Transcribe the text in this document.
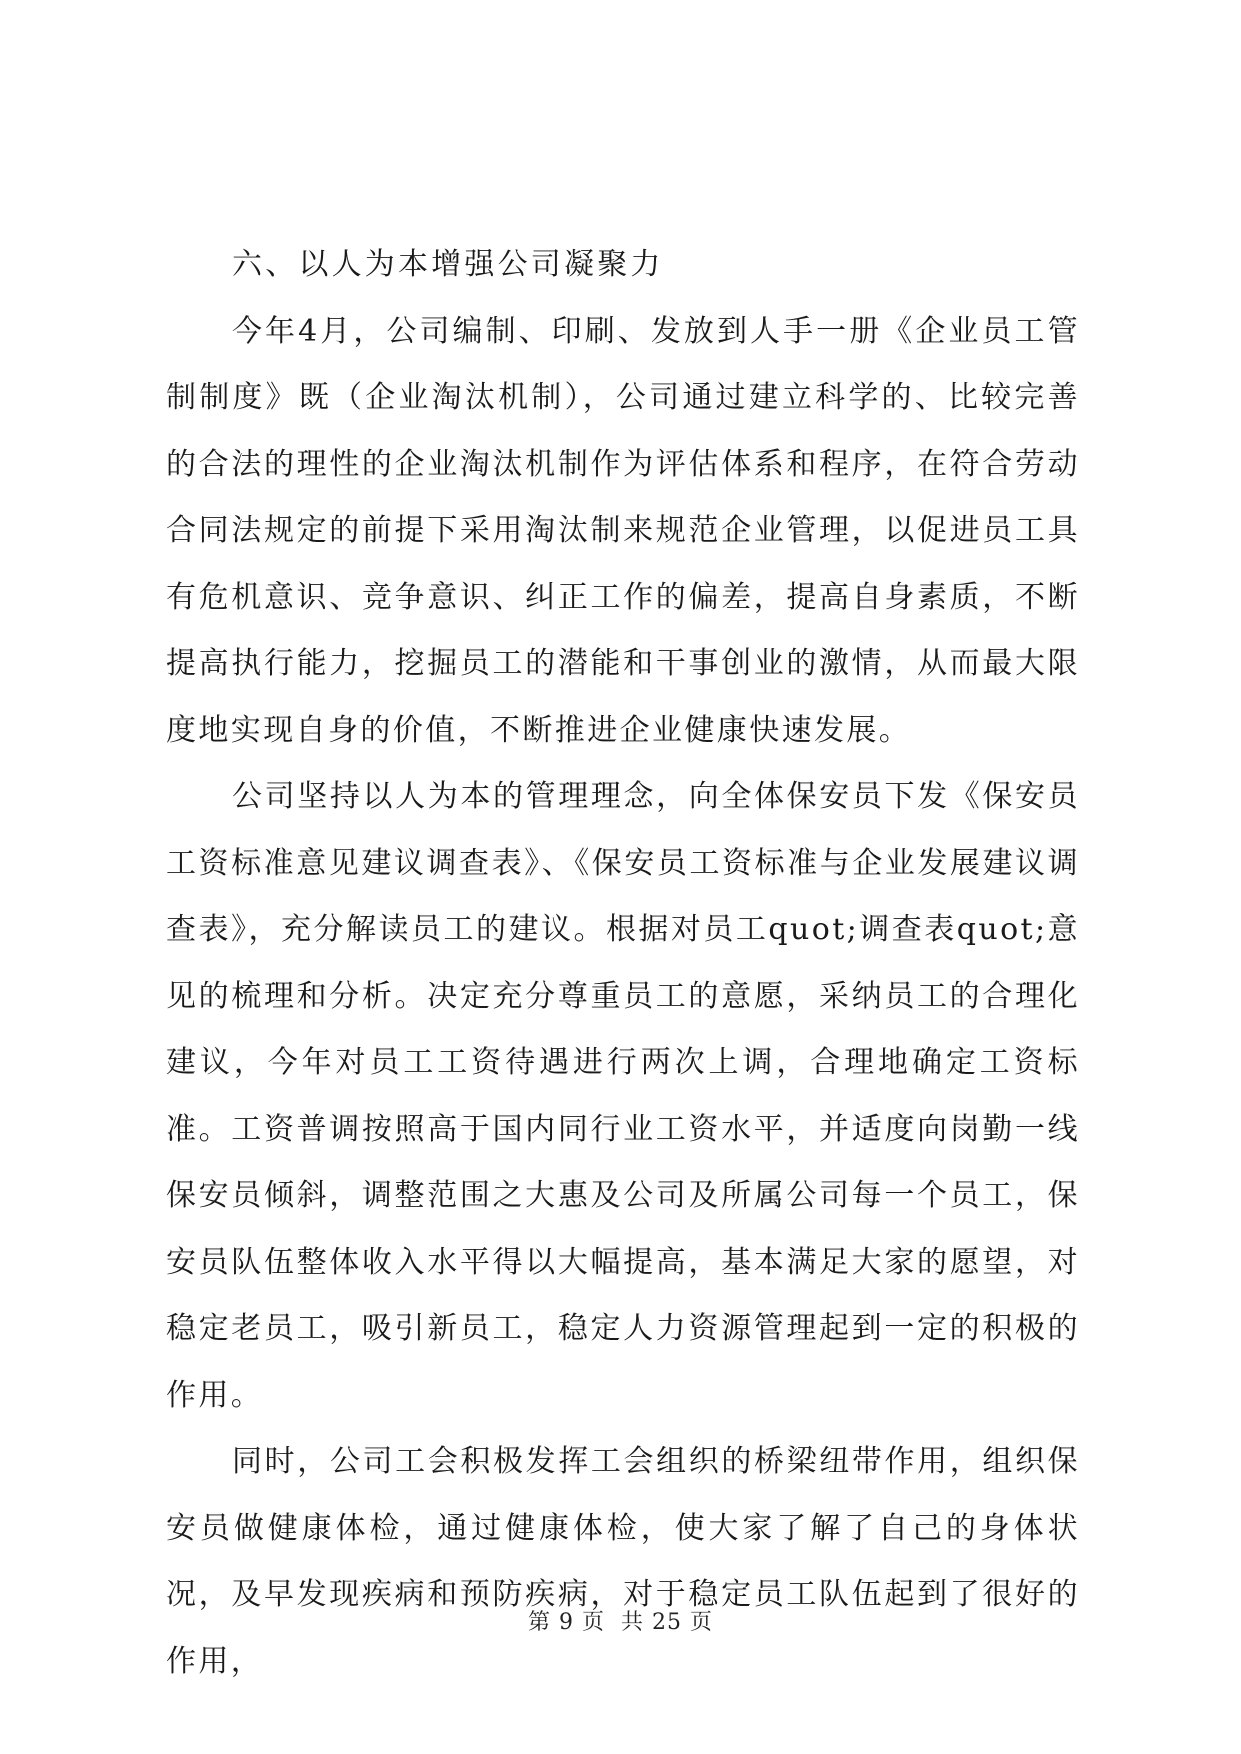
六、以人为本增强公司凝聚力

今年4月，公司编制、印刷、发放到人手一册《企业员工管制制度》既（企业淘汰机制），公司通过建立科学的、比较完善的合法的理性的企业淘汰机制作为评估体系和程序，在符合劳动合同法规定的前提下采用淘汰制来规范企业管理，以促进员工具有危机意识、竞争意识、纠正工作的偏差，提高自身素质，不断提高执行能力，挖掘员工的潜能和干事创业的激情，从而最大限度地实现自身的价值，不断推进企业健康快速发展。

公司坚持以人为本的管理理念，向全体保安员下发《保安员工资标准意见建议调查表》、《保安员工资标准与企业发展建议调查表》，充分解读员工的建议。根据对员工quot;调查表quot;意见的梳理和分析。决定充分尊重员工的意愿，采纳员工的合理化建议，今年对员工工资待遇进行两次上调，合理地确定工资标准。工资普调按照高于国内同行业工资水平，并适度向岗勤一线保安员倾斜，调整范围之大惠及公司及所属公司每一个员工，保安员队伍整体收入水平得以大幅提高，基本满足大家的愿望，对稳定老员工，吸引新员工，稳定人力资源管理起到一定的积极的作用。

同时，公司工会积极发挥工会组织的桥梁纽带作用，组织保安员做健康体检，通过健康体检，使大家了解了自己的身体状况，及早发现疾病和预防疾病，对于稳定员工队伍起到了很好的作用，

第 9 页  共 25 页
